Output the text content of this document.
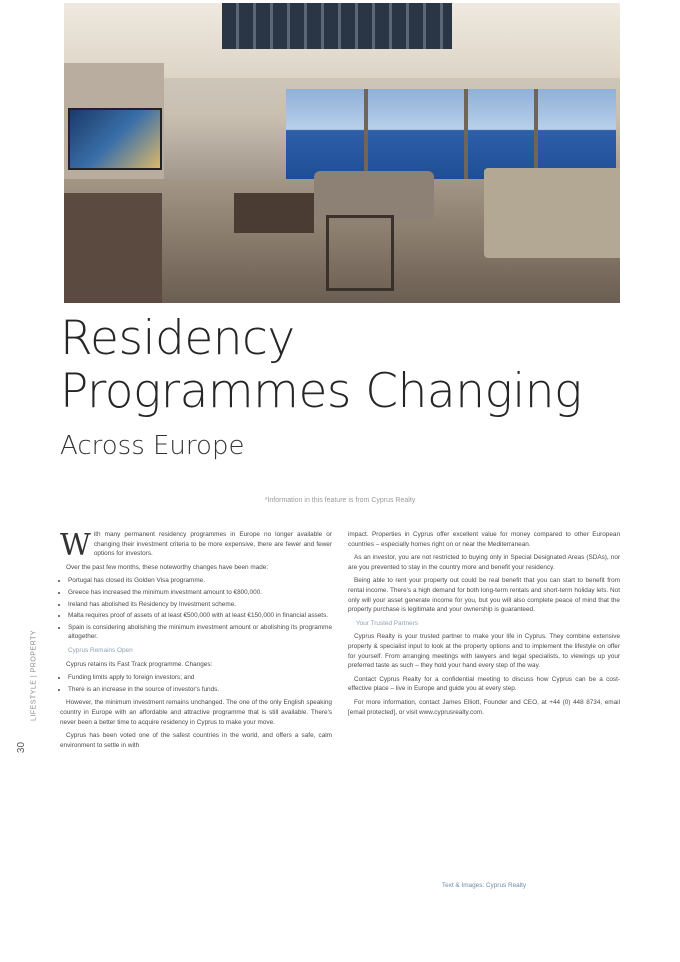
Residency
Programmes Changing
Across Europe
*Information in this feature is from Cyprus Realty
LIFESTYLE | PROPERTY
30

With many permanent residency programmes in Europe no longer available or changing their investment criteria to be more expensive, there are fewer and fewer options for investors.

Over the past few months, these noteworthy changes have been made:

• Portugal has closed its Golden Visa programme.
• Greece has increased the minimum investment amount to €800,000.
• Ireland has abolished its Residency by Investment scheme.
• Malta requires proof of assets of at least €500,000 with at least €150,000 in financial assets.
• Spain is considering abolishing the minimum investment amount or abolishing its programme altogether.
Cyprus Remains Open

Cyprus retains its Fast Track programme. Changes:

• Funding limits apply to foreign investors; and
• There is an increase in the source of investor's funds.

However, the minimum investment remains unchanged. The one of the only English speaking country in Europe with an affordable and attractive programme that is still available. There's never been a better time to acquire residency in Cyprus to make your move.

Cyprus has been voted one of the safest countries in the world, and offers a safe, calm environment to settle in with

impact. Properties in Cyprus offer excellent value for money compared to other European countries – especially homes right on or near the Mediterranean.

As an investor, you are not restricted to buying only in Special Designated Areas (SDAs), nor are you prevented to stay in the country more and benefit your residency.

Being able to rent your property out could be real benefit that you can start to benefit from rental income. There's a high demand for both long-term rentals and short-term holiday lets. Not only will your asset generate income for you, but you will also complete peace of mind that the property purchase is legitimate and your ownership is guaranteed.

Your Trusted Partners

Cyprus Realty is your trusted partner to make your life in Cyprus. They combine extensive property & specialist input to look at the property options and to implement the lifestyle on offer for yourself. From arranging meetings with lawyers and legal specialists, to viewings up your preferred taste as such – they hold your hand every step of the way.

Contact Cyprus Realty for a confidential meeting to discuss how Cyprus can be a cost-effective place – live in Europe and guide you at every step.

For more information, contact James Elliott, Founder and CEO, at +44 (0) 448 8734, email [email protected], or visit www.cyprusrealty.com.

Text & Images: Cyprus Realty
